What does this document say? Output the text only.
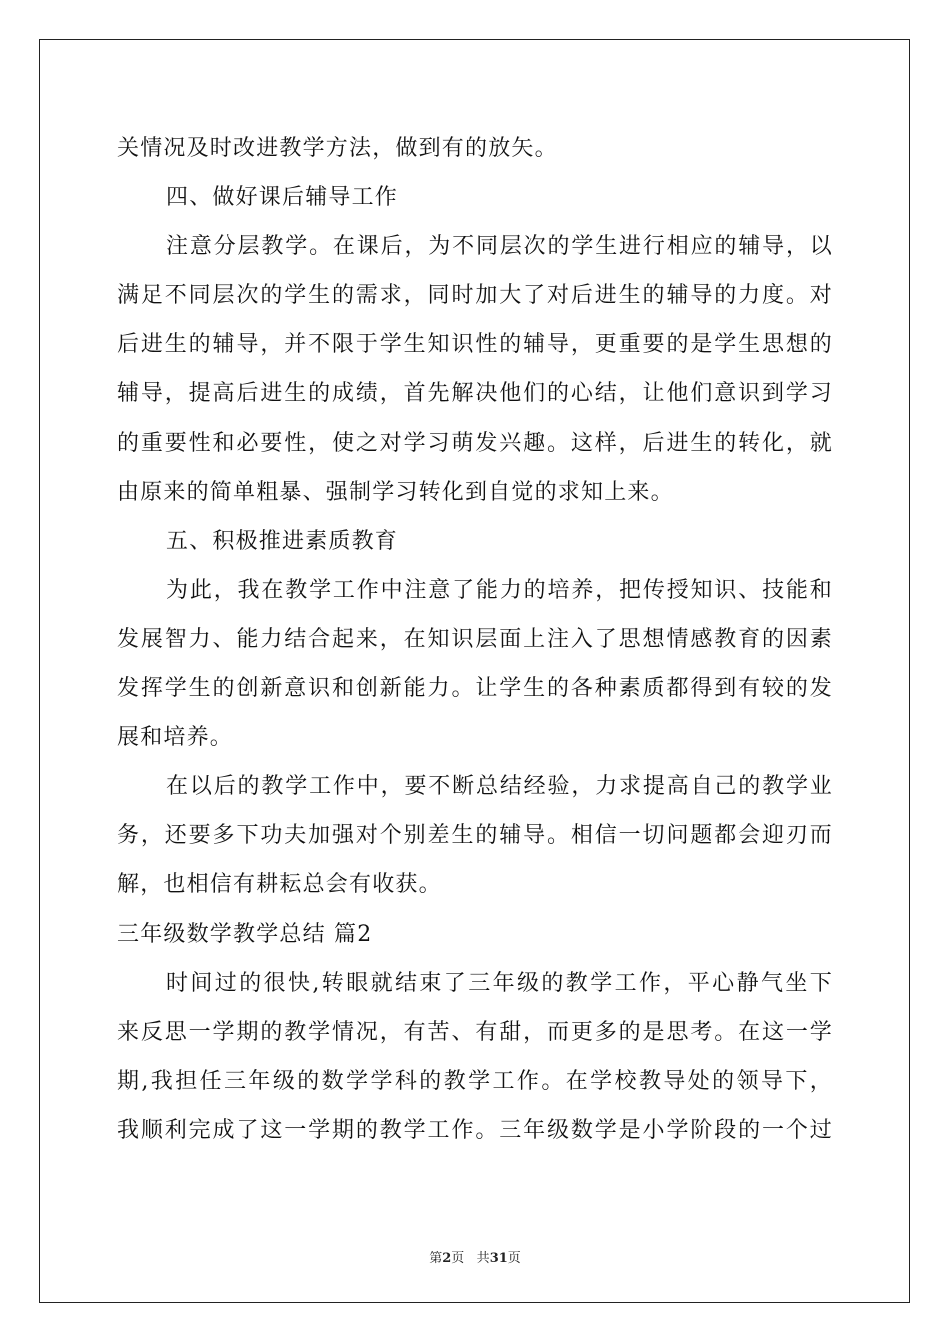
关情况及时改进教学方法，做到有的放矢。
四、做好课后辅导工作
注意分层教学。在课后，为不同层次的学生进行相应的辅导，以
满足不同层次的学生的需求，同时加大了对后进生的辅导的力度。对
后进生的辅导，并不限于学生知识性的辅导，更重要的是学生思想的
辅导，提高后进生的成绩，首先解决他们的心结，让他们意识到学习
的重要性和必要性，使之对学习萌发兴趣。这样，后进生的转化，就
由原来的简单粗暴、强制学习转化到自觉的求知上来。
五、积极推进素质教育
为此，我在教学工作中注意了能力的培养，把传授知识、技能和
发展智力、能力结合起来，在知识层面上注入了思想情感教育的因素
发挥学生的创新意识和创新能力。让学生的各种素质都得到有较的发
展和培养。
在以后的教学工作中，要不断总结经验，力求提高自己的教学业
务，还要多下功夫加强对个别差生的辅导。相信一切问题都会迎刃而
解，也相信有耕耘总会有收获。
三年级数学教学总结 篇2
时间过的很快,转眼就结束了三年级的教学工作，平心静气坐下
来反思一学期的教学情况，有苦、有甜，而更多的是思考。在这一学
期,我担任三年级的数学学科的教学工作。在学校教导处的领导下，
我顺利完成了这一学期的教学工作。三年级数学是小学阶段的一个过
第2页 共31页
